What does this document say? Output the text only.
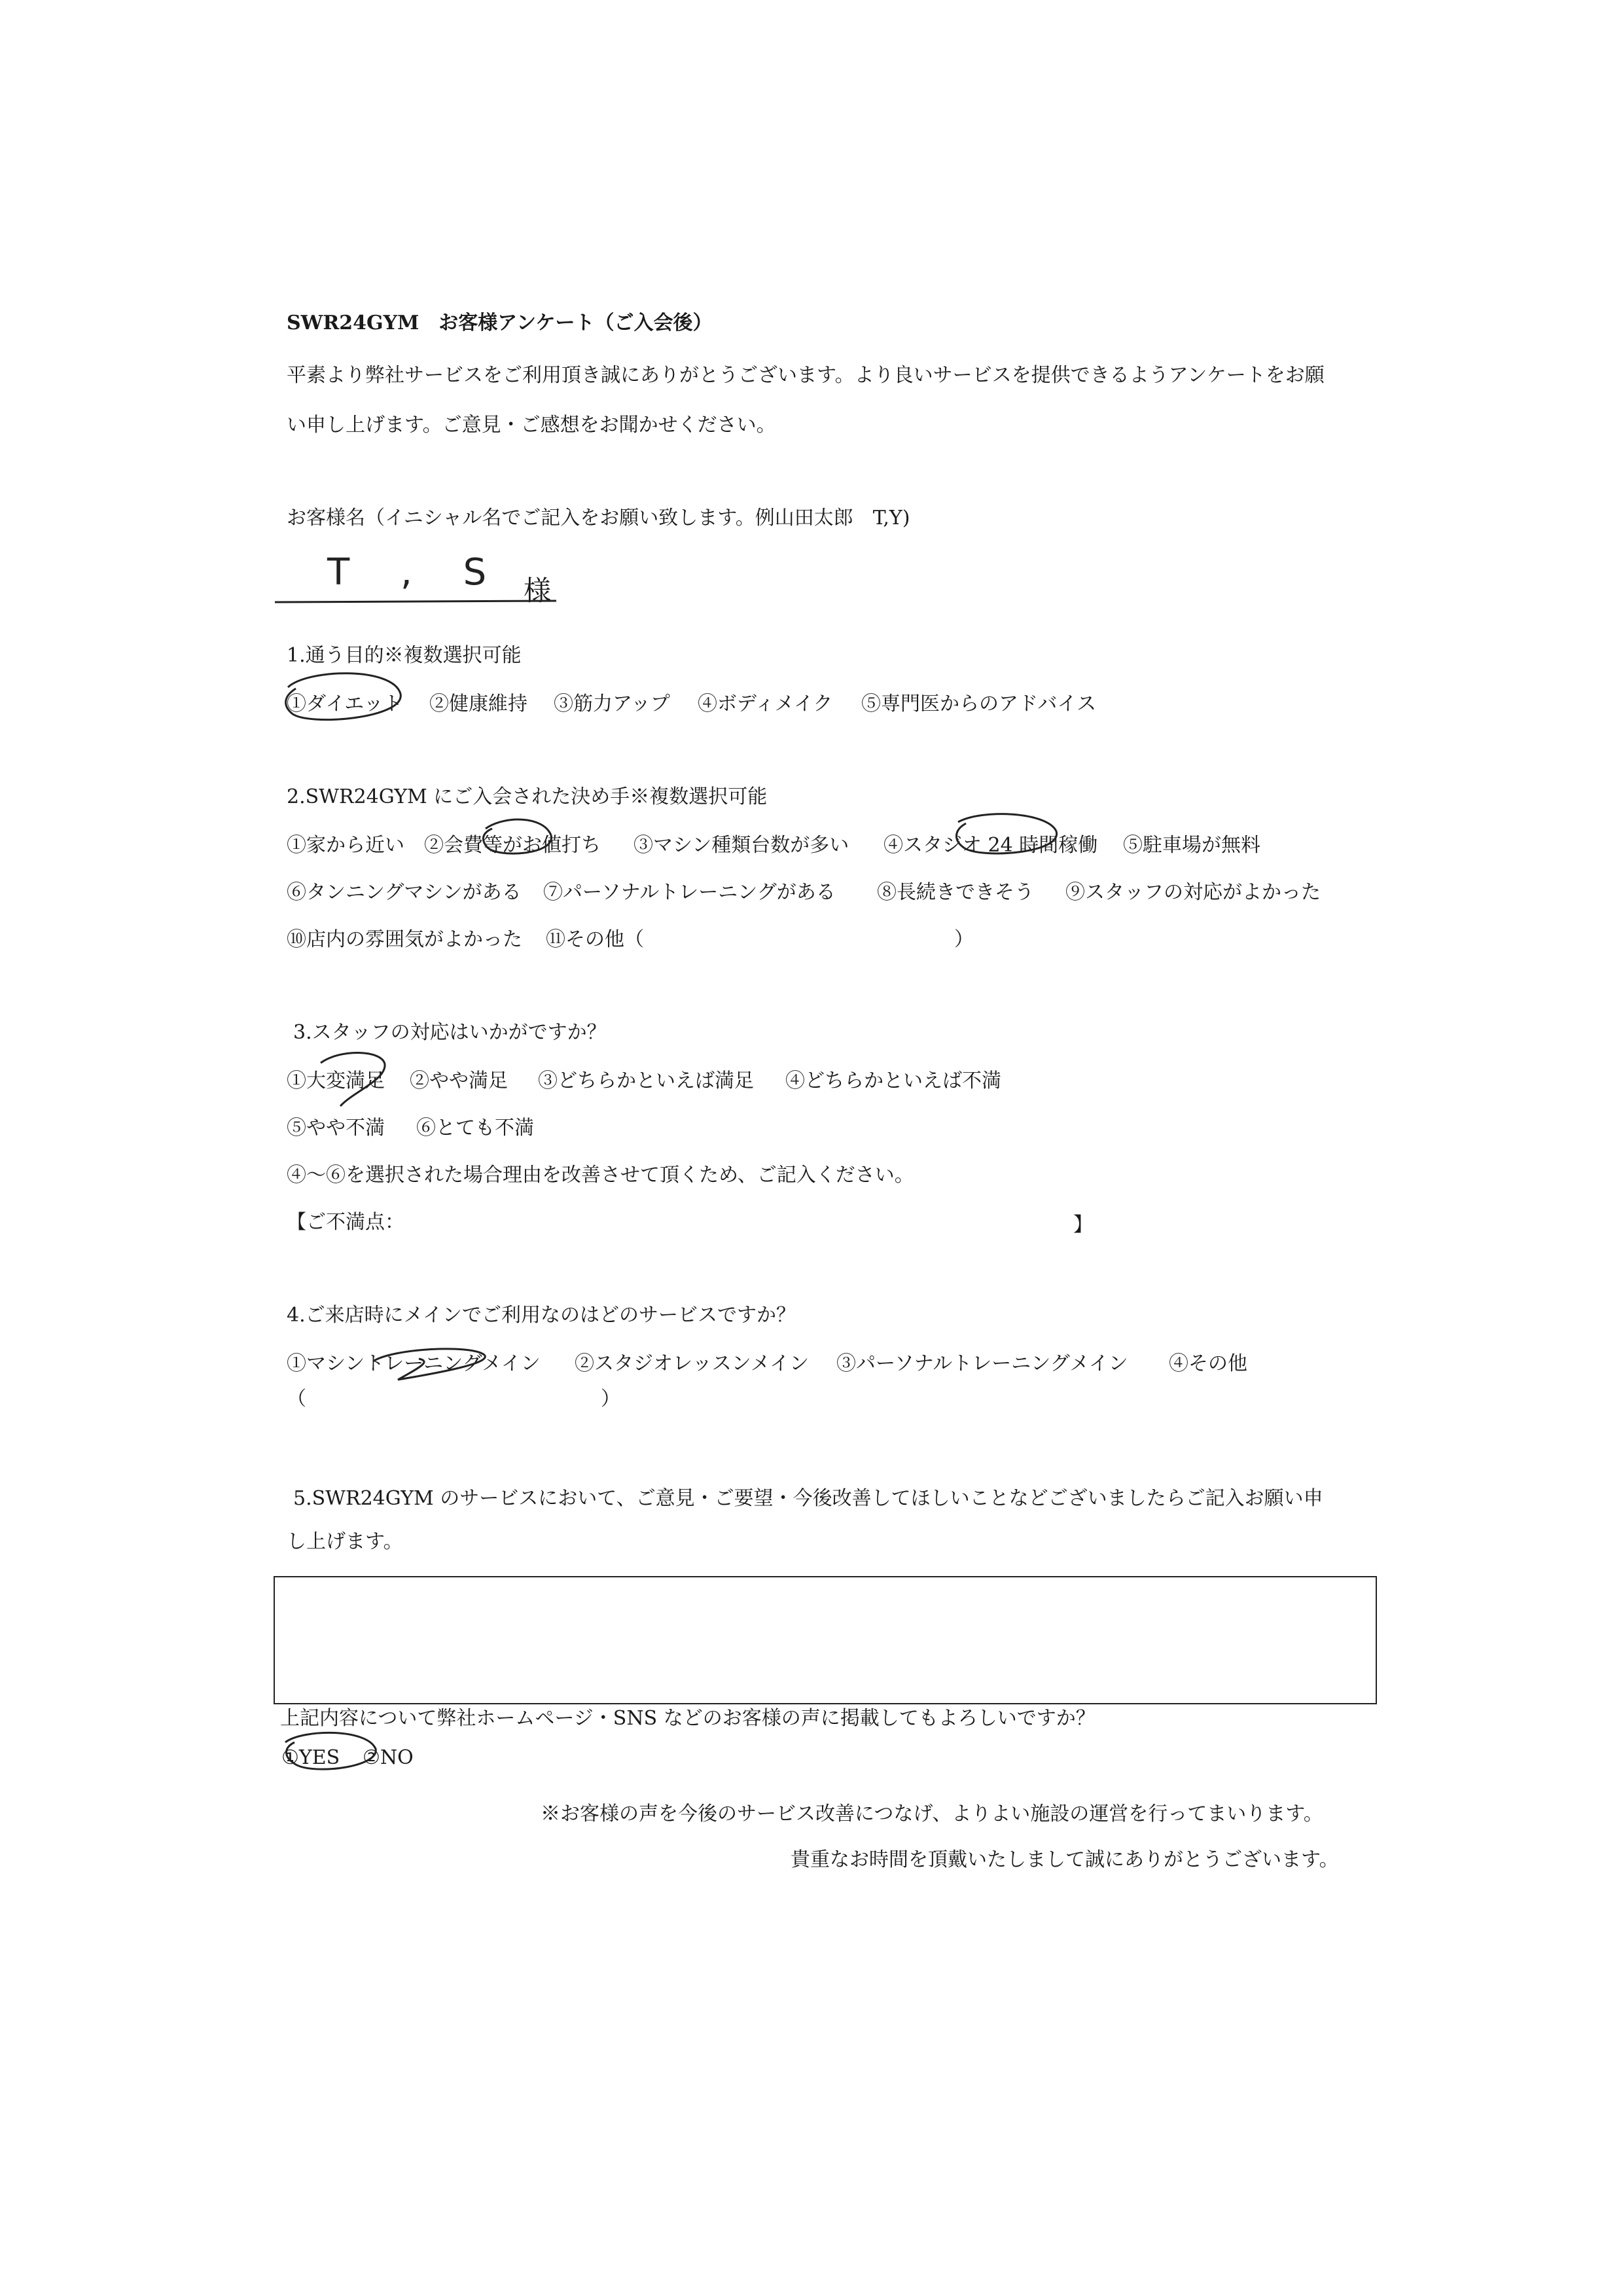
SWR24GYM　お客様アンケート（ご入会後）
平素より弊社サービスをご利用頂き誠にありがとうございます。より良いサービスを提供できるようアンケートをお願
い申し上げます。ご意見・ご感想をお聞かせください。
お客様名（イニシャル名でご記入をお願い致します。例山田太郎　T,Y)
T , S 様
1.通う目的※複数選択可能
①ダイエット ②健康維持 ③筋力アップ ④ボディメイク ⑤専門医からのアドバイス
2.SWR24GYM にご入会された決め手※複数選択可能
①家から近い ②会費等がお値打ち ③マシン種類台数が多い ④スタジオ 24 時間稼働 ⑤駐車場が無料
⑥タンニングマシンがある ⑦パーソナルトレーニングがある ⑧長続きできそう ⑨スタッフの対応がよかった
⑩店内の雰囲気がよかった ⑪その他（	）
3.スタッフの対応はいかがですか？
①大変満足 ②やや満足 ③どちらかといえば満足 ④どちらかといえば不満
⑤やや不満 ⑥とても不満
④～⑥を選択された場合理由を改善させて頂くため、ご記入ください。
【ご不満点：	】
4.ご来店時にメインでご利用なのはどのサービスですか？
①マシントレーニングメイン ②スタジオレッスンメイン ③パーソナルトレーニングメイン ④その他
（	）
5.SWR24GYM のサービスにおいて、ご意見・ご要望・今後改善してほしいことなどございましたらご記入お願い申
し上げます。
上記内容について弊社ホームページ・SNS などのお客様の声に掲載してもよろしいですか？
①YES ②NO
※お客様の声を今後のサービス改善につなげ、よりよい施設の運営を行ってまいります。
貴重なお時間を頂戴いたしまして誠にありがとうございます。
